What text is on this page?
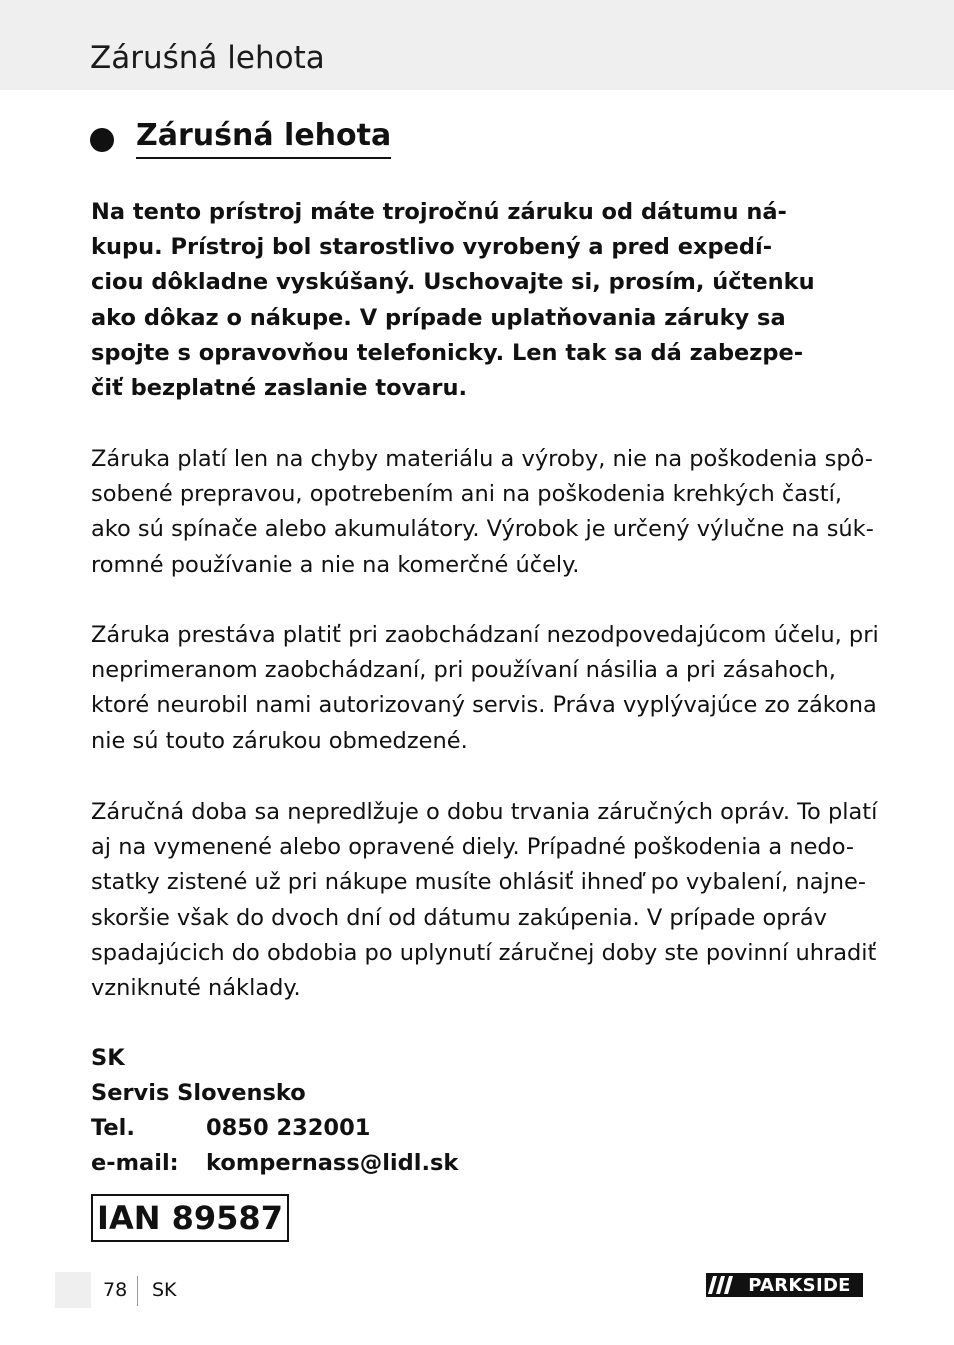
Záruśná lehota
Záruśná lehota
Na tento prístroj máte trojročnú záruku od dátumu ná-
kupu. Prístroj bol starostlivo vyrobený a pred expedí-
ciou dôkladne vyskúšaný. Uschovajte si, prosím, účtenku
ako dôkaz o nákupe. V prípade uplatňovania záruky sa
spojte s opravovňou telefonicky. Len tak sa dá zabezpe-
čiť bezplatné zaslanie tovaru.
Záruka platí len na chyby materiálu a výroby, nie na poškodenia spô-
sobené prepravou, opotrebením ani na poškodenia krehkých častí,
ako sú spínače alebo akumulátory. Výrobok je určený výlučne na súk-
romné používanie a nie na komerčné účely.
Záruka prestáva platiť pri zaobchádzaní nezodpovedajúcom účelu, pri
neprimeranom zaobchádzaní, pri používaní násilia a pri zásahoch,
ktoré neurobil nami autorizovaný servis. Práva vyplývajúce zo zákona
nie sú touto zárukou obmedzené.
Záručná doba sa nepredlžuje o dobu trvania záručných opráv. To platí
aj na vymenené alebo opravené diely. Prípadné poškodenia a nedo-
statky zistené už pri nákupe musíte ohlásiť ihneď po vybalení, najne-
skoršie však do dvoch dní od dátumu zakúpenia. V prípade opráv
spadajúcich do obdobia po uplynutí záručnej doby ste povinní uhradiť
vzniknuté náklady.
SK
Servis Slovensko
Tel.	0850 232001
e-mail:	kompernass@lidl.sk
IAN 89587
78 SK	PARKSIDE
